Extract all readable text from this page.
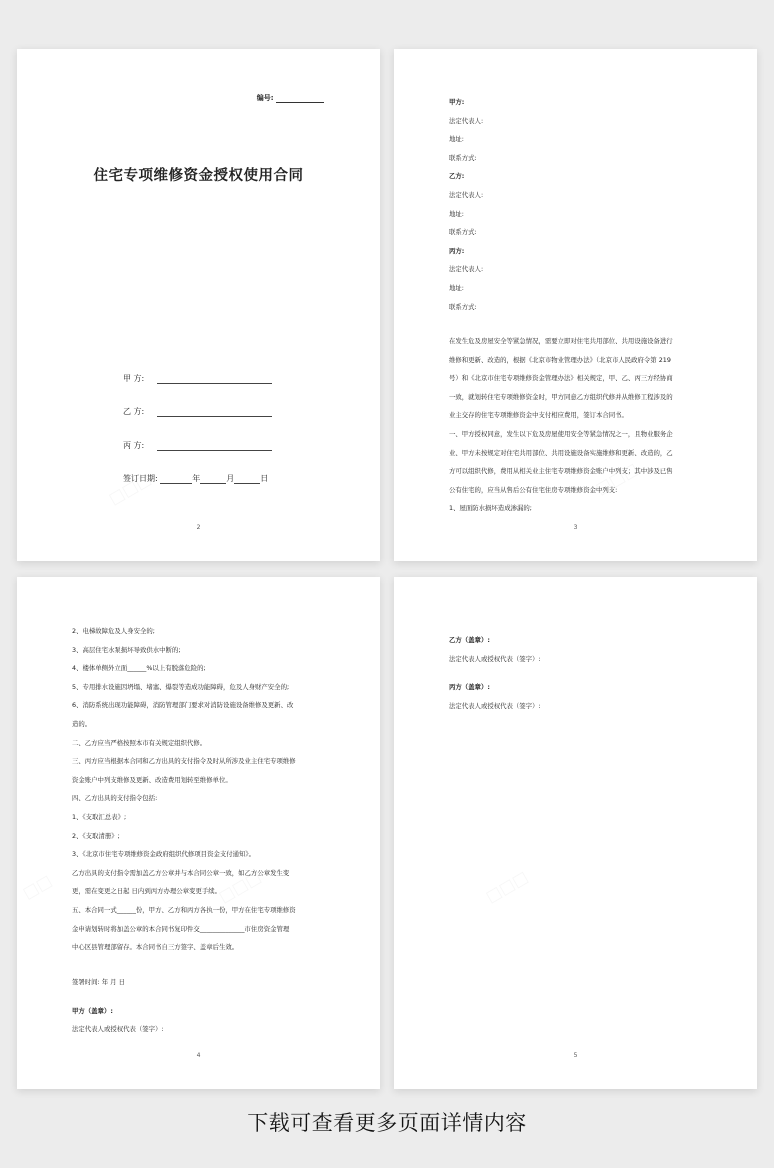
编号:
住宅专项维修资金授权使用合同
甲 方:
乙 方:
丙 方:
签订日期:	年	月	日
2
甲方:
法定代表人:
地址:
联系方式:
乙方:
法定代表人:
地址:
联系方式:
丙方:
法定代表人:
地址:
联系方式:
在发生危及房屋安全等紧急情况，需要立即对住宅共用部位、共用设施设备进行
维修和更新、改造的，根据《北京市物业管理办法》（北京市人民政府令第 219
号）和《北京市住宅专项维修资金管理办法》相关规定，甲、乙、丙三方经协商
一致，就划转住宅专项维修资金时，甲方同意乙方组织代修并从维修工程涉及的
业主交存的住宅专项维修资金中支付相应费用，签订本合同书。
一、甲方授权同意，发生以下危及房屋使用安全等紧急情况之一，且物业服务企
业、甲方未按规定对住宅共用部位、共用设施设备实施维修和更新、改造的，乙
方可以组织代修，费用从相关业主住宅专项维修资金账户中列支；其中涉及已售
公有住宅的，应当从售后公有住宅住房专项维修资金中列支:
1、屋面防水损坏造成渗漏的;
3
2、电梯故障危及人身安全的;
3、高层住宅水泵损坏导致供水中断的;
4、楼体单侧外立面______%以上有脱落危险的;
5、专用排水设施因坍塌、堵塞、爆裂等造成功能障碍，危及人身财产安全的;
6、消防系统出现功能障碍，消防管理部门要求对消防设施设备维修及更新、改
造的。
二、乙方应当严格按照本市有关规定组织代修。
三、丙方应当根据本合同和乙方出具的支付指令及时从所涉及业主住宅专项维修
资金账户中列支维修及更新、改造费用划转至维修单位。
四、乙方出具的支付指令包括:
1、《支取汇总表》;
2、《支取清册》;
3、《北京市住宅专项维修资金政府组织代修项目资金支付通知》。
乙方出具的支付指令需加盖乙方公章并与本合同公章一致，如乙方公章发生变
更，需在变更之日起 日内到丙方办理公章变更手续。
五、本合同一式______份，甲方、乙方和丙方各执一份，甲方在住宅专项维修资
金申请划转时将加盖公章的本合同书复印件交______________市住房资金管理
中心区县管理部留存。本合同书自三方签字、盖章后生效。
签署时间: 年 月 日
甲方（盖章）:
法定代表人或授权代表（签字）:
4
乙方（盖章）:
法定代表人或授权代表（签字）:
丙方（盖章）:
法定代表人或授权代表（签字）:
5
下载可查看更多页面详情内容
